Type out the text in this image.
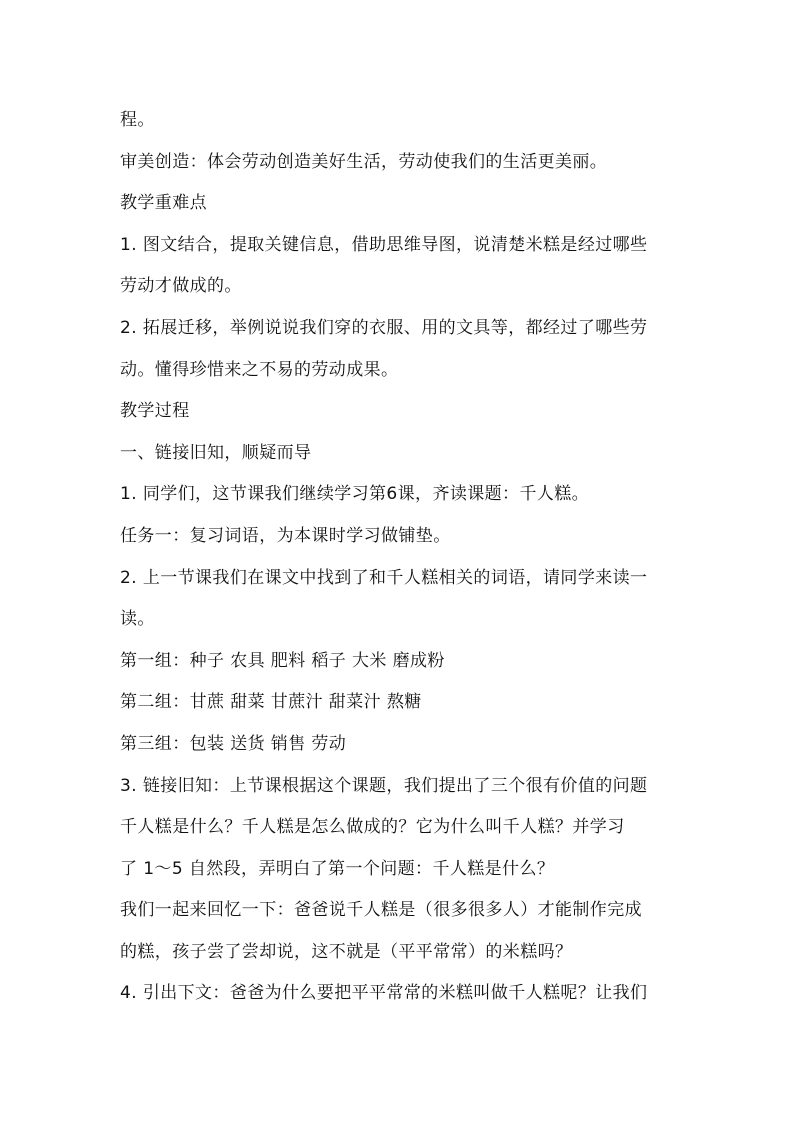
程。
审美创造：体会劳动创造美好生活，劳动使我们的生活更美丽。
教学重难点
1. 图文结合，提取关键信息，借助思维导图，说清楚米糕是经过哪些
劳动才做成的。
2. 拓展迁移，举例说说我们穿的衣服、用的文具等，都经过了哪些劳
动。懂得珍惜来之不易的劳动成果。
教学过程
一、链接旧知，顺疑而导
1. 同学们，这节课我们继续学习第6课，齐读课题：千人糕。
任务一：复习词语，为本课时学习做铺垫。
2. 上一节课我们在课文中找到了和千人糕相关的词语，请同学来读一
读。
第一组：种子 农具 肥料 稻子 大米 磨成粉
第二组：甘蔗 甜菜 甘蔗汁 甜菜汁 熬糖
第三组：包装 送货 销售 劳动
3. 链接旧知：上节课根据这个课题，我们提出了三个很有价值的问题
千人糕是什么？千人糕是怎么做成的？它为什么叫千人糕？并学习
了 1～5 自然段，弄明白了第一个问题：千人糕是什么？
我们一起来回忆一下：爸爸说千人糕是（很多很多人）才能制作完成
的糕，孩子尝了尝却说，这不就是（平平常常）的米糕吗？
4. 引出下文：爸爸为什么要把平平常常的米糕叫做千人糕呢？让我们
